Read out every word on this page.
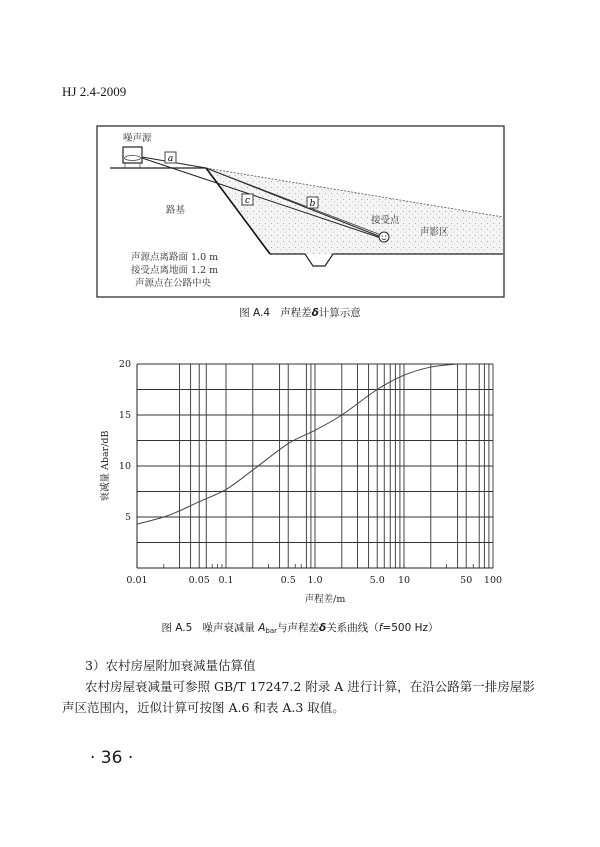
HJ 2.4-2009
a
c	b
噪声源
路基
接受点
声影区
声源点离路面 1.0 m
接受点离地面 1.2 m
声源点在公路中央
图 A.4 声程差δ计算示意
0.01	0.05 0.1	0.5 1.0	5.0 10	50 100
5
10
15
20
声程差/m
衰减量 Abar/dB
图 A.5 噪声衰减量 $A_{bar}$与声程差δ关系曲线（f=500 Hz）
3）农村房屋附加衰减量估算值
农村房屋衰减量可参照 GB/T 17247.2 附录 A 进行计算，在沿公路第一排房屋影
声区范围内，近似计算可按图 A.6 和表 A.3 取值。
· 36 ·
